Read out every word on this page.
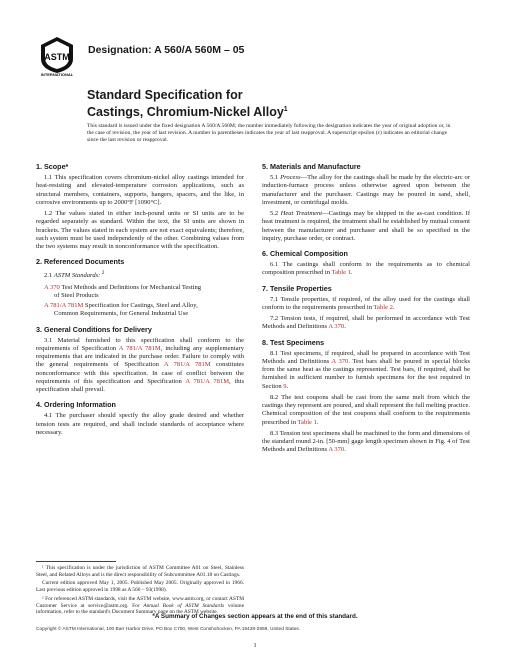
ASTM
INTERNATIONAL
Designation: A 560/A 560M – 05
Standard Specification for
Castings, Chromium-Nickel Alloy$^1$
This standard is issued under the fixed designation A 560/A 560M; the number immediately following the designation indicates the year of original adoption or, in the case of revision, the year of last revision. A number in parentheses indicates the year of last reapproval. A superscript epsilon (ε) indicates an editorial change since the last revision or reapproval.
1. Scope*

1.1 This specification covers chromium-nickel alloy castings intended for heat-resisting and elevated-temperature corrosion applications, such as structural members, containers, supports, hangers, spacers, and the like, in corrosive environments up to 2000°F [1090°C].

1.2 The values stated in either inch-pound units or SI units are to be regarded separately as standard. Within the text, the SI units are shown in brackets. The values stated in each system are not exact equivalents; therefore, each system must be used independently of the other. Combining values from the two systems may result in nonconformance with the specification.

2. Referenced Documents

2.1 ASTM Standards: $^2$

A 370 Test Methods and Definitions for Mechanical Testing
of Steel Products

A 781/A 781M Specification for Castings, Steel and Alloy,
Common Requirements, for General Industrial Use

3. General Conditions for Delivery

3.1 Material furnished to this specification shall conform to the requirements of Specification A 781/A 781M, including any supplementary requirements that are indicated in the purchase order. Failure to comply with the general requirements of Specification A 781/A 781M constitutes nonconformance with this specification. In case of conflict between the requirements of this specification and Specification A 781/A 781M, this specification shall prevail.

4. Ordering Information

4.1 The purchaser should specify the alloy grade desired and whether tension tests are required, and shall include standards of acceptance where necessary.

5. Materials and Manufacture

5.1 Process—The alloy for the castings shall be made by the electric-arc or induction-furnace process unless otherwise agreed upon between the manufacturer and the purchaser. Castings may be poured in sand, shell, investment, or centrifugal molds.

5.2 Heat Treatment—Castings may be shipped in the as-cast condition. If heat treatment is required, the treatment shall be established by mutual consent between the manufacturer and purchaser and shall be so specified in the inquiry, purchase order, or contract.

6. Chemical Composition

6.1 The castings shall conform to the requirements as to chemical composition prescribed in Table 1.

7. Tensile Properties

7.1 Tensile properties, if required, of the alloy used for the castings shall conform to the requirements prescribed in Table 2.

7.2 Tension tests, if required, shall be performed in accordance with Test Methods and Definitions A 370.

8. Test Specimens

8.1 Test specimens, if required, shall be prepared in accordance with Test Methods and Definitions A 370. Test bars shall be poured in special blocks from the same heat as the castings represented. Test bars, if required, shall be furnished in sufficient number to furnish specimens for the test required in Section 9.

8.2 The test coupons shall be cast from the same melt from which the castings they represent are poured, and shall represent the full melting practice. Chemical composition of the test coupons shall conform to the requirements prescribed in Table 1.

8.3 Tension test specimens shall be machined to the form and dimensions of the standard round 2-in. [50-mm] gage length specimen shown in Fig. 4 of Test Methods and Definitions A 370.

¹ This specification is under the jurisdiction of ASTM Committee A01 on Steel, Stainless Steel, and Related Alloys and is the direct responsibility of Subcommittee A01.18 on Castings.

Current edition approved May 1, 2005. Published May 2005. Originally approved in 1966. Last previous edition approved in 1998 as A 560 – 93(1998).

² For referenced ASTM standards, visit the ASTM website, www.astm.org, or contact ASTM Customer Service at service@astm.org. For Annual Book of ASTM Standards volume information, refer to the standard's Document Summary page on the ASTM website.

*A Summary of Changes section appears at the end of this standard.
Copyright © ASTM International, 100 Barr Harbor Drive, PO Box C700, West Conshohocken, PA 19428-2959, United States.
1
